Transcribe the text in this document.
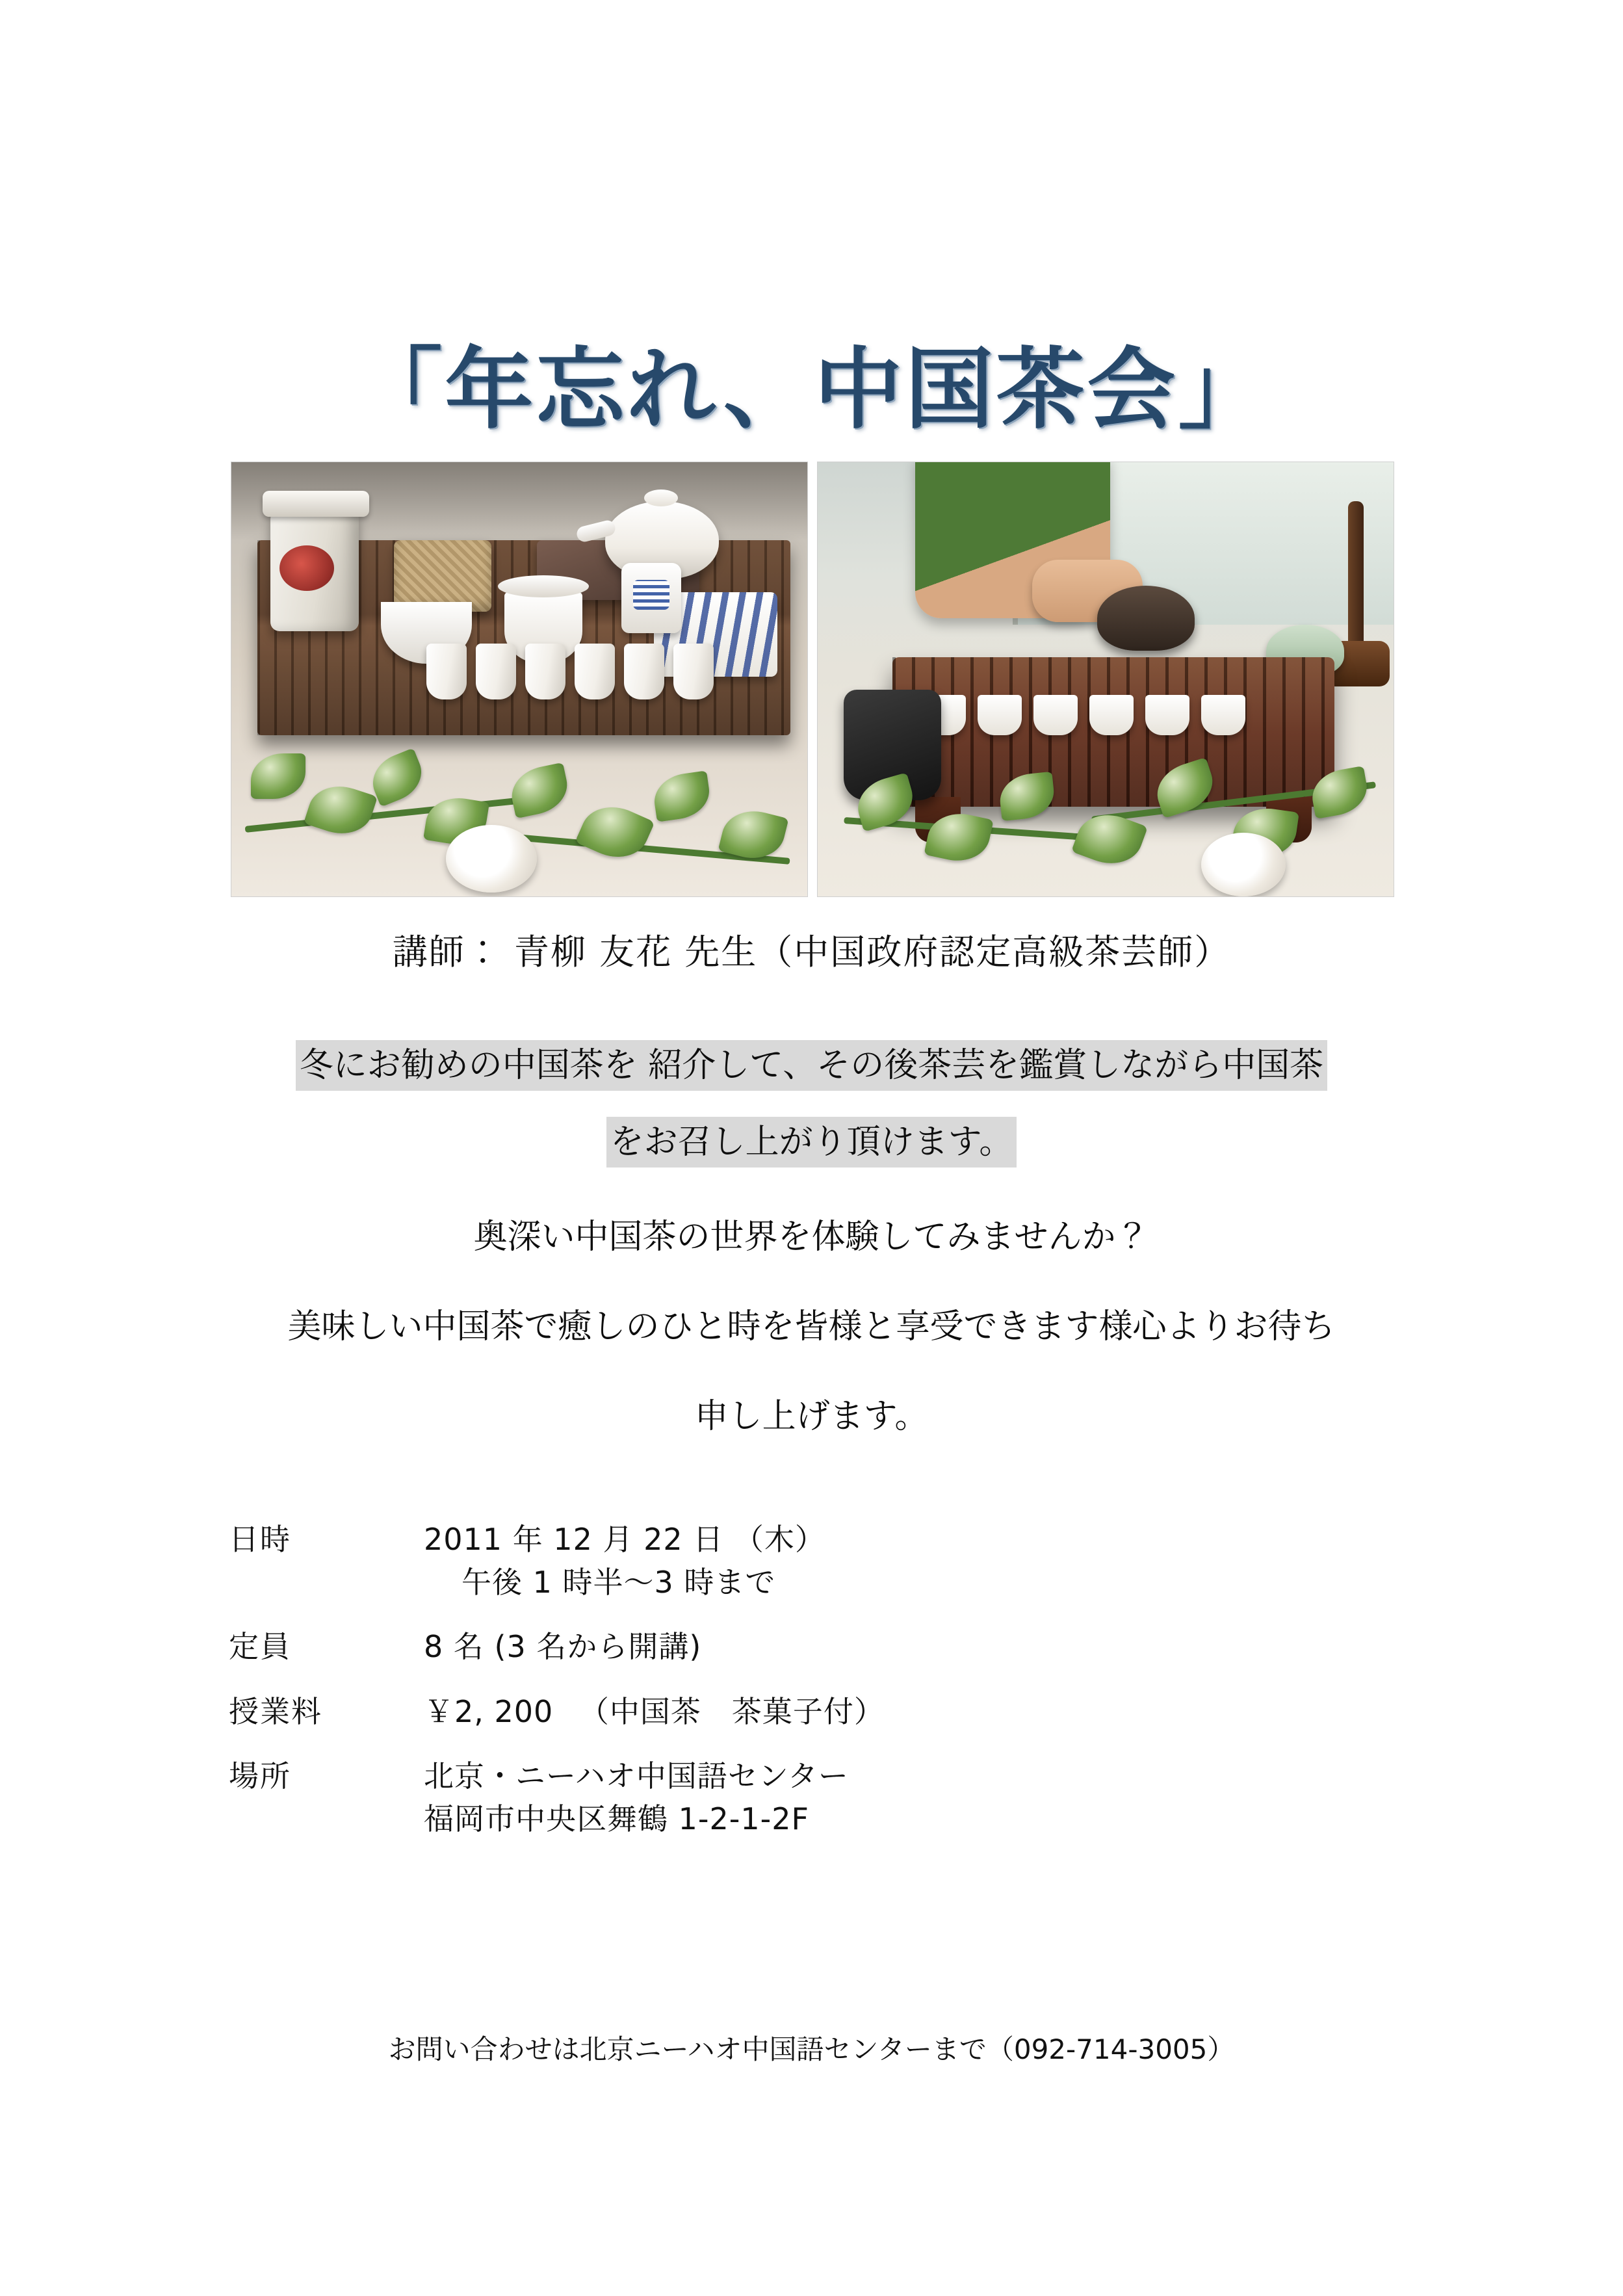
「年忘れ、中国茶会」
講師： 青柳 友花 先生（中国政府認定高級茶芸師）
冬にお勧めの中国茶を 紹介して、その後茶芸を鑑賞しながら中国茶
をお召し上がり頂けます。
奥深い中国茶の世界を体験してみませんか？
美味しい中国茶で癒しのひと時を皆様と享受できます様心よりお待ち
申し上げます。
日時	2011 年 12 月 22 日 （木）
午後 1 時半～3 時まで
定員	8 名 (3 名から開講)
授業料	￥2, 200 　（中国茶　茶菓子付）
場所	北京・ニーハオ中国語センター
福岡市中央区舞鶴 1-2-1-2F
お問い合わせは北京ニーハオ中国語センターまで（092-714-3005）
